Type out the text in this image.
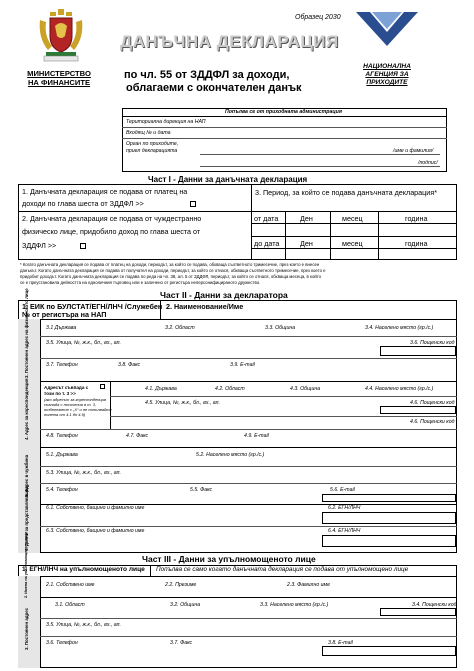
МИНИСТЕРСТВО НА ФИНАНСИТЕ
Образец 2030
ДАНЪЧНА ДЕКЛАРАЦИЯ
по чл. 55 от ЗДДФЛ за доходи,
облагаеми с окончателен данък
НАЦИОНАЛНА АГЕНЦИЯ ЗА ПРИХОДИТЕ
Попълва се от приходната администрация
Териториална дирекция на НАП
Входящ № и дата
Орган по приходите,
приел декларацията	/име и фамилия/
/подпис/
Част I - Данни за данъчната декларация
1. Данъчната декларация се подава от платец на
доходи по глава шеста от ЗДДФЛ >>
2. Данъчната декларация се подава от чуждестранно
физическо лице, придобило доход по глава шеста от
ЗДДФЛ >>
3. Период, за който се подава данъчната декларация*
от дата	Ден	месец	година
до дата	Ден	месец	година
* Когато данъчната декларация се подава от платец на доходи, периодът, за който се подава, обхваща съответното тримесечие, през което е внесен
данъкът. Когато данъчната декларация се подава от получател на доходи, периодът, за който се отнася, обхваща съответното тримесечие, през което е
придобит доходът. Когато данъчната декларация се подава по реда на чл. 38, ал. 5 от ЗДДФЛ, периодът, за който се отнася, обхваща месеца, в който
се е преустановила дейността на едноличния търговец или е заличено от регистъра неперсонифицираното дружество.
Част II - Данни за декларатора
1. ЕИК по БУЛСТАТ/ЕГН/ЛНЧ /Служебен
№ от регистъра на НАП
2. Наименование/Име
3. Постоянен адрес на физическото лице	3.1 Държава	3.2. Област	3.3. Община	3.4. Населено място (гр./с.)
3.5. Улица, №, ж.к., бл., вх., ап.	3.6. Пощенски код
3.7. Телефон	3.8. Факс	3.9. E-mail
4. Адрес за кореспонденция	Адресът съвпада с
този по т. 3 >>
(ако адресът за кореспонденция
съвпада с посочения в т. 3,
отбележете с „X“ и не попълвайте
полета от 4.1 до 4.9)
4.1. Държава	4.2. Област	4.3. Община	4.4. Населено място (гр./с.)
4.5. Улица, №, ж.к., бл., вх., ап.	4.6. Пощенски код
4.6. Пощенски код
4.8. Телефон	4.7. Факс	4.9. E-mail
5. Адрес в чужбина	5.1. Държава	5.2. Населено място (гр./с.)
5.3. Улица, №, ж.к., бл., вх., ап.
5.4. Телефон	5.5. Факс	5.6. E-mail
6. Данни за представляващия	6.1. Собствено, бащино и фамилно име	6.2. ЕГН/ЛНЧ
6.3. Собствено, бащино и фамилно име	6.4. ЕГН/ЛНЧ
Част III - Данни за упълномощеното лице
1. ЕГН/ЛНЧ на упълномощеното лице Попълва се само когато данъчната декларация се подава от упълномощено лице
2. Имена на упълномощеното лице	2.1. Собствено име	2.2. Презиме	2.3. Фамилно име
3. Постоянен адрес
3.1. Област	3.2. Община	3.3. Населено място (гр./с.)	3.4. Пощенски код
3.5. Улица, №, ж.к., бл., вх., ап.
3.6. Телефон	3.7. Факс	3.8. E-mail
